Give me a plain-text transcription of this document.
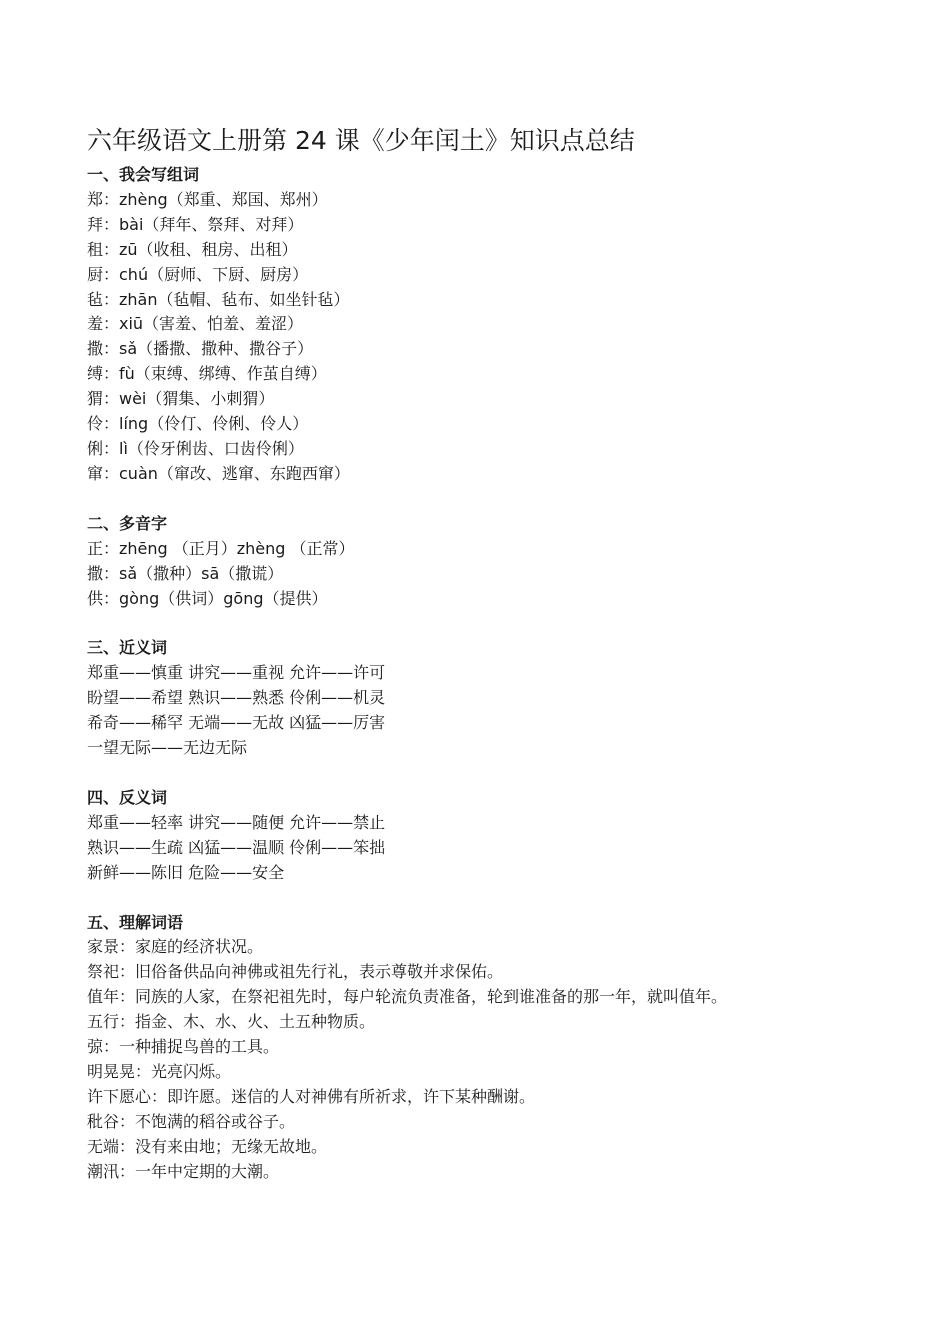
六年级语文上册第 24 课《少年闰土》知识点总结

一、我会写组词

郑：zhèng（郑重、郑国、郑州）

拜：bài（拜年、祭拜、对拜）

租：zū（收租、租房、出租）

厨：chú（厨师、下厨、厨房）

毡：zhān（毡帽、毡布、如坐针毡）

羞：xiū（害羞、怕羞、羞涩）

撒：sǎ（播撒、撒种、撒谷子）

缚：fù（束缚、绑缚、作茧自缚）

猬：wèi（猬集、小刺猬）

伶：líng（伶仃、伶俐、伶人）

俐：lì（伶牙俐齿、口齿伶俐）

窜：cuàn（窜改、逃窜、东跑西窜）

二、多音字

正：zhēng （正月）zhèng （正常）

撒：sǎ（撒种）sā（撒谎）

供：gòng（供词）gōng（提供）

三、近义词

郑重——慎重 讲究——重视 允许——许可

盼望——希望 熟识——熟悉 伶俐——机灵

希奇——稀罕 无端——无故 凶猛——厉害

一望无际——无边无际

四、反义词

郑重——轻率 讲究——随便 允许——禁止

熟识——生疏 凶猛——温顺 伶俐——笨拙

新鲜——陈旧 危险——安全

五、理解词语

家景：家庭的经济状况。

祭祀：旧俗备供品向神佛或祖先行礼，表示尊敬并求保佑。

值年：同族的人家，在祭祀祖先时，每户轮流负责准备，轮到谁准备的那一年，就叫值年。

五行：指金、木、水、火、土五种物质。

弶：一种捕捉鸟兽的工具。

明晃晃：光亮闪烁。

许下愿心：即许愿。迷信的人对神佛有所祈求，许下某种酬谢。

秕谷：不饱满的稻谷或谷子。

无端：没有来由地；无缘无故地。

潮汛：一年中定期的大潮。
